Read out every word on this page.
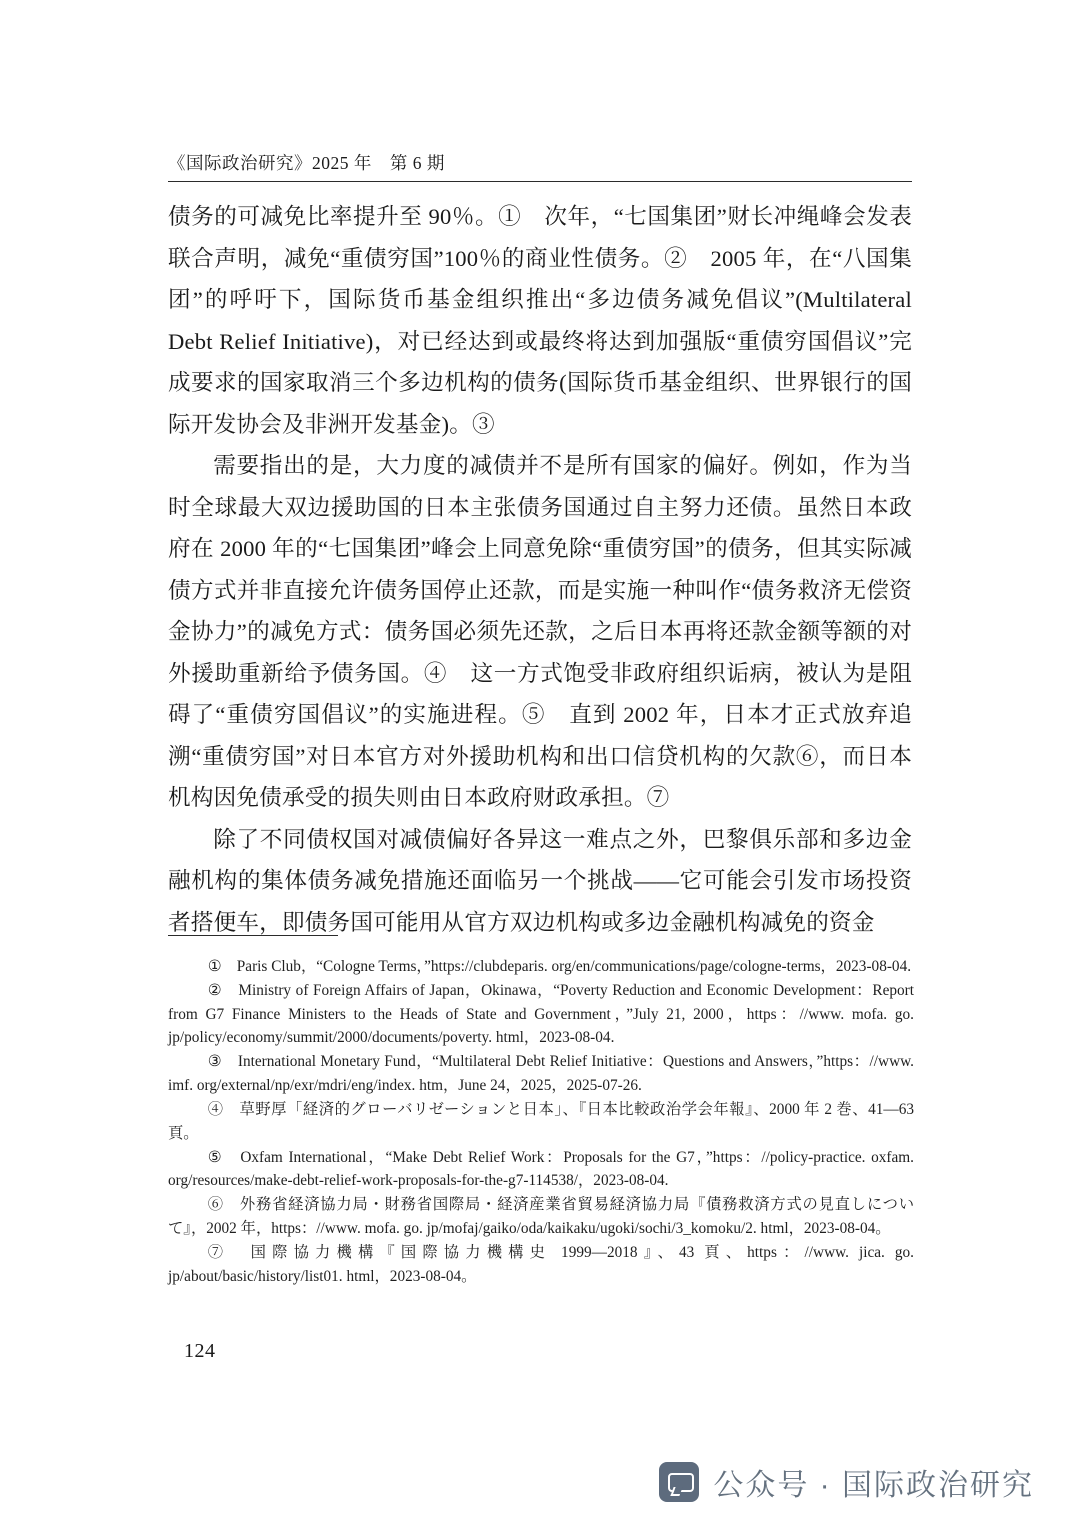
《国际政治研究》2025 年　第 6 期

债务的可减免比率提升至 90％。①　次年，“七国集团”财长冲绳峰会发表联合声明，减免“重债穷国”100％的商业性债务。②　2005 年，在“八国集团”的呼吁下，国际货币基金组织推出“多边债务减免倡议”(Multilateral Debt Relief Initiative)，对已经达到或最终将达到加强版“重债穷国倡议”完成要求的国家取消三个多边机构的债务(国际货币基金组织、世界银行的国际开发协会及非洲开发基金)。③

需要指出的是，大力度的减债并不是所有国家的偏好。例如，作为当时全球最大双边援助国的日本主张债务国通过自主努力还债。虽然日本政府在 2000 年的“七国集团”峰会上同意免除“重债穷国”的债务，但其实际减债方式并非直接允许债务国停止还款，而是实施一种叫作“债务救济无偿资金协力”的减免方式：债务国必须先还款，之后日本再将还款金额等额的对外援助重新给予债务国。④　这一方式饱受非政府组织诟病，被认为是阻碍了“重债穷国倡议”的实施进程。⑤　直到 2002 年，日本才正式放弃追溯“重债穷国”对日本官方对外援助机构和出口信贷机构的欠款⑥，而日本机构因免债承受的损失则由日本政府财政承担。⑦

除了不同债权国对减债偏好各异这一难点之外，巴黎俱乐部和多边金融机构的集体债务减免措施还面临另一个挑战——它可能会引发市场投资者搭便车，即债务国可能用从官方双边机构或多边金融机构减免的资金

①　Paris Club，“Cologne Terms，”https://clubdeparis. org/en/communications/page/cologne-terms，2023-08-04.

②　Ministry of Foreign Affairs of Japan，Okinawa，“Poverty Reduction and Economic Development：Report from G7 Finance Ministers to the Heads of State and Government，”July 21, 2000，https：//www. mofa. go. jp/policy/economy/summit/2000/documents/poverty. html，2023-08-04.

③　International Monetary Fund，“Multilateral Debt Relief Initiative：Questions and Answers，”https：//www. imf. org/external/np/exr/mdri/eng/index. htm，June 24，2025，2025-07-26.

④　草野厚「経済的グローバリゼーションと日本」、『日本比較政治学会年報』、2000 年 2 巻、41—63 頁。

⑤　Oxfam International，“Make Debt Relief Work：Proposals for the G7，”https：//policy-practice. oxfam. org/resources/make-debt-relief-work-proposals-for-the-g7-114538/，2023-08-04.

⑥　外務省経済協力局・財務省国際局・経済産業省貿易経済協力局『債務救済方式の見直しについて』，2002 年，https：//www. mofa. go. jp/mofaj/gaiko/oda/kaikaku/ugoki/sochi/3_komoku/2. html，2023-08-04。

⑦　国際協力機構『国際協力機構史 1999—2018』、43 頁、https：//www. jica. go. jp/about/basic/history/list01. html，2023-08-04。

124
公众号 · 国际政治研究
